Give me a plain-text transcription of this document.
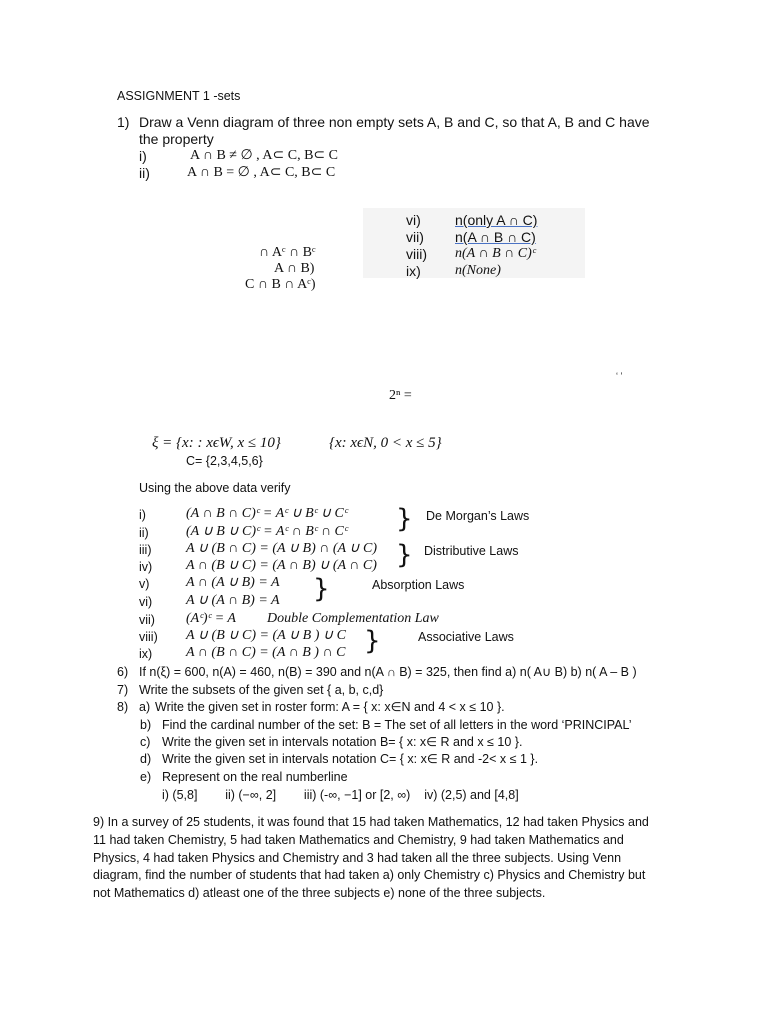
ASSIGNMENT 1 -sets
1) Draw a Venn diagram of three non empty sets A, B and C, so that A, B and C have
the property
i)	A ∩ B ≠ ∅ , A⊂ C, B⊂ C
ii)	A ∩ B = ∅ , A⊂ C, B⊂ C
vi) n(only A ∩ C)
vii) n(A ∩ B ∩ C)
viii) n(A ∩ B ∩ C)ᶜ
ix) n(None)
∩ Aᶜ ∩ Bᶜ
A ∩ B)
C ∩ B ∩ Aᶜ)
‘ ’
2ⁿ =
ξ = {x: : xϵW, x ≤ 10}	{x: xϵN, 0 < x ≤ 5}
C= {2,3,4,5,6}
Using the above data verify
i)	(A ∩ B ∩ C)ᶜ = Aᶜ ∪ Bᶜ ∪ Cᶜ
ii)	(A ∪ B ∪ C)ᶜ = Aᶜ ∩ Bᶜ ∩ Cᶜ
iii) A ∪ (B ∩ C) = (A ∪ B) ∩ (A ∪ C)
iv) A ∩ (B ∪ C) = (A ∩ B) ∪ (A ∩ C)
v)	A ∩ (A ∪ B) = A
vi) A ∪ (A ∩ B) = A
vii) (Aᶜ)ᶜ = A
viii) A ∪ (B ∪ C) = (A ∪ B ) ∪ C
ix) A ∩ (B ∩ C) = (A ∩ B ) ∩ C
} De Morgan’s Laws
} Distributive Laws
}	Absorption Laws
Double Complementation Law
}	Associative Laws
6) If n(ξ) = 600, n(A) = 460, n(B) = 390 and n(A ∩ B) = 325, then find a) n( A∪ B) b) n( A – B )
7) Write the subsets of the given set { a, b, c,d}
8) a) Write the given set in roster form: A = { x: x∈N and 4 < x ≤ 10 }.
b) Find the cardinal number of the set: B = The set of all letters in the word ‘PRINCIPAL’
c) Write the given set in intervals notation B= { x: x∈ R and x ≤ 10 }.
d) Write the given set in intervals notation C= { x: x∈ R and -2< x ≤ 1 }.
e) Represent on the real numberline
i) (5,8]        ii) (−∞, 2]        iii) (-∞, −1] or [2, ∞)    iv) (2,5) and [4,8]
9) In a survey of 25 students, it was found that 15 had taken Mathematics, 12 had taken Physics and
11 had taken Chemistry, 5 had taken Mathematics and Chemistry, 9 had taken Mathematics and
Physics, 4 had taken Physics and Chemistry and 3 had taken all the three subjects. Using Venn
diagram, find the number of students that had taken a) only Chemistry c) Physics and Chemistry but
not Mathematics d) atleast one of the three subjects e) none of the three subjects.
